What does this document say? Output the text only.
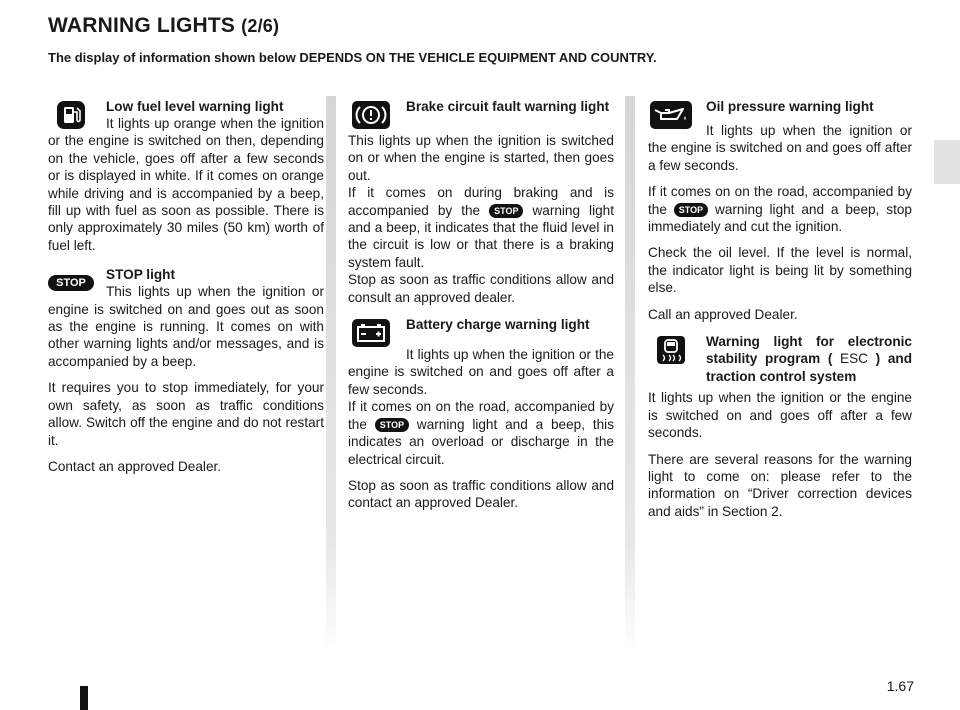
WARNING LIGHTS (2/6)
The display of information shown below DEPENDS ON THE VEHICLE EQUIPMENT AND COUNTRY.
Low fuel level warning light
It lights up orange when the ignition or the engine is switched on then, depending on the vehicle, goes off after a few seconds or is displayed in white. If it comes on orange while driving and is accompanied by a beep, fill up with fuel as soon as possible. There is only approximately 30 miles (50 km) worth of fuel left.
STOP
STOP light

This lights up when the ignition or engine is switched on and goes out as soon as the engine is running. It comes on with other warning lights and/or messages, and is accompanied by a beep.

It requires you to stop immediately, for your own safety, as soon as traffic conditions allow. Switch off the engine and do not restart it.

Contact an approved Dealer.

Brake circuit fault warning light

This lights up when the ignition is switched on or when the engine is started, then goes out.

If it comes on during braking and is accompanied by the STOP warning light and a beep, it indicates that the fluid level in the circuit is low or that there is a braking system fault.

Stop as soon as traffic conditions allow and consult an approved dealer.

Battery charge warning light

It lights up when the ignition or the engine is switched on and goes off after a few seconds.

If it comes on on the road, accompanied by the STOP warning light and a beep, this indicates an overload or discharge in the electrical circuit.

Stop as soon as traffic conditions allow and contact an approved Dealer.

Oil pressure warning light

It lights up when the ignition or the engine is switched on and goes off after a few seconds.

If it comes on on the road, accompanied by the STOP warning light and a beep, stop immediately and cut the ignition.

Check the oil level. If the level is normal, the indicator light is being lit by something else.

Call an approved Dealer.

Warning light for electronic stability program ( ESC ) and traction control system

It lights up when the ignition or the engine is switched on and goes off after a few seconds.

There are several reasons for the warning light to come on: please refer to the information on “Driver correction devices and aids” in Section 2.

1.67
